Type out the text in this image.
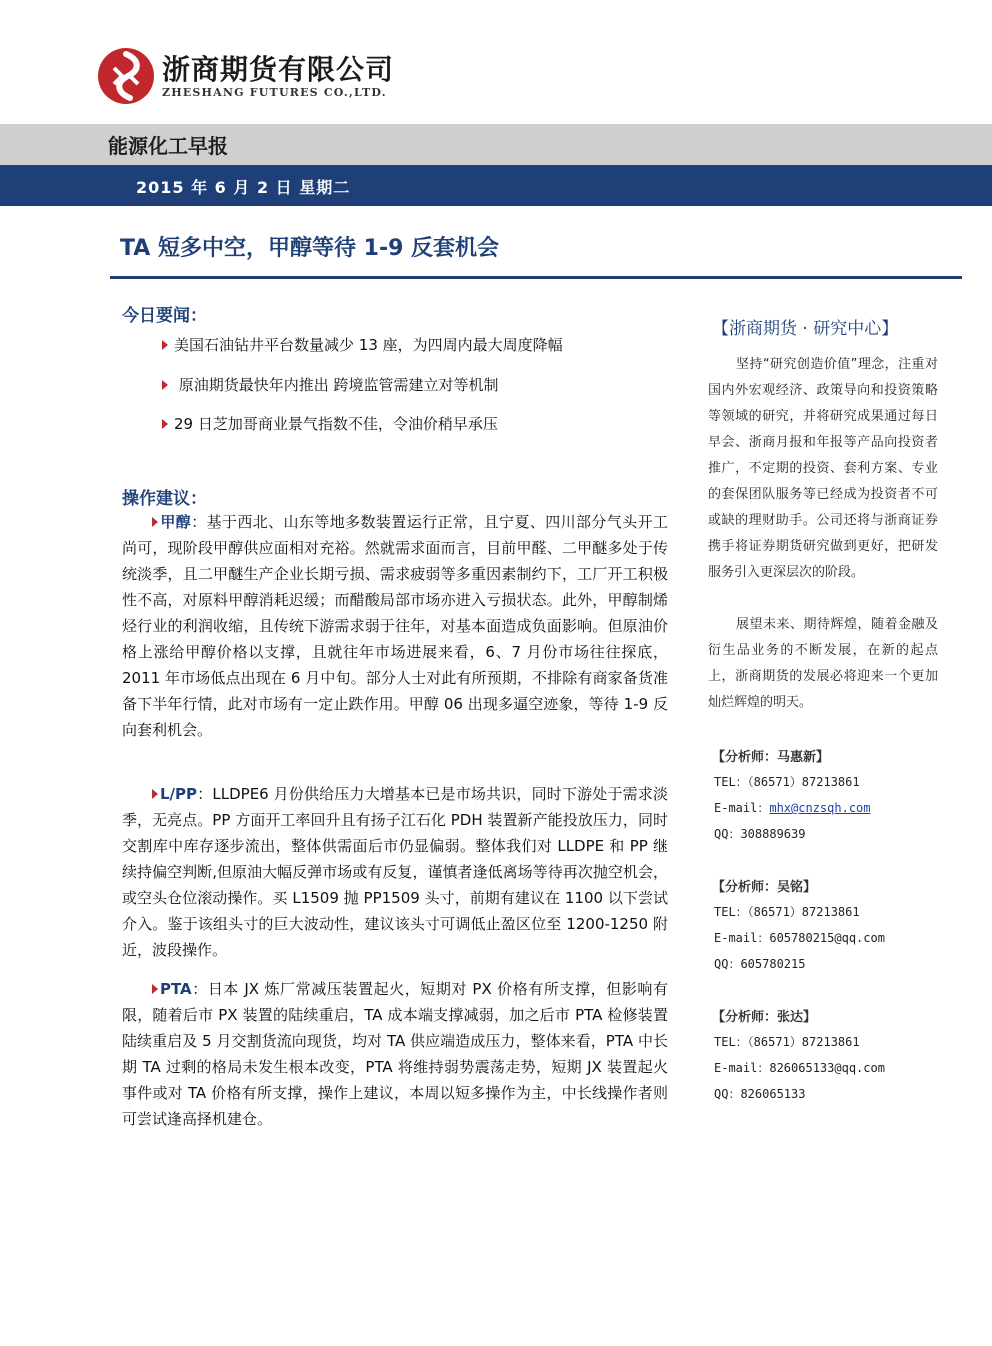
浙商期货有限公司
ZHESHANG FUTURES CO.,LTD.
能源化工早报
2015 年 6 月 2 日 星期二
TA 短多中空，甲醇等待 1-9 反套机会
今日要闻：
美国石油钻井平台数量减少 13 座，为四周内最大周度降幅
原油期货最快年内推出 跨境监管需建立对等机制
29 日芝加哥商业景气指数不佳，令油价稍早承压
操作建议：
甲醇：基于西北、山东等地多数装置运行正常，且宁夏、四川部分气头开工尚可，现阶段甲醇供应面相对充裕。然就需求面而言，目前甲醛、二甲醚多处于传统淡季，且二甲醚生产企业长期亏损、需求疲弱等多重因素制约下，工厂开工积极性不高，对原料甲醇消耗迟缓；而醋酸局部市场亦进入亏损状态。此外，甲醇制烯烃行业的利润收缩，且传统下游需求弱于往年，对基本面造成负面影响。但原油价格上涨给甲醇价格以支撑，且就往年市场进展来看，6、7 月份市场往往探底，2011 年市场低点出现在 6 月中旬。部分人士对此有所预期，不排除有商家备货准备下半年行情，此对市场有一定止跌作用。甲醇 06 出现多逼空迹象，等待 1-9 反向套利机会。
L/PP：LLDPE6 月份供给压力大增基本已是市场共识，同时下游处于需求淡季，无亮点。PP 方面开工率回升且有扬子江石化 PDH 装置新产能投放压力，同时交割库中库存逐步流出，整体供需面后市仍显偏弱。整体我们对 LLDPE 和 PP 继续持偏空判断,但原油大幅反弹市场或有反复，谨慎者逢低离场等待再次抛空机会，或空头仓位滚动操作。买 L1509 抛 PP1509 头寸，前期有建议在 1100 以下尝试介入。鉴于该组头寸的巨大波动性，建议该头寸可调低止盈区位至 1200-1250 附近，波段操作。
PTA：日本 JX 炼厂常减压装置起火，短期对 PX 价格有所支撑，但影响有限，随着后市 PX 装置的陆续重启，TA 成本端支撑减弱，加之后市 PTA 检修装置陆续重启及 5 月交割货流向现货，均对 TA 供应端造成压力，整体来看，PTA 中长期 TA 过剩的格局未发生根本改变，PTA 将维持弱势震荡走势，短期 JX 装置起火事件或对 TA 价格有所支撑，操作上建议，本周以短多操作为主，中长线操作者则可尝试逢高择机建仓。
【浙商期货 · 研究中心】
坚持“研究创造价值”理念，注重对国内外宏观经济、政策导向和投资策略等领域的研究，并将研究成果通过每日早会、浙商月报和年报等产品向投资者推广，不定期的投资、套利方案、专业的套保团队服务等已经成为投资者不可或缺的理财助手。公司还将与浙商证券携手将证券期货研究做到更好，把研发服务引入更深层次的阶段。
展望未来、期待辉煌，随着金融及衍生品业务的不断发展，在新的起点上，浙商期货的发展必将迎来一个更加灿烂辉煌的明天。
【分析师：马惠新】
TEL：（86571）87213861
E-mail：mhx@cnzsqh.com
QQ：308889639
【分析师：吴铭】
TEL：（86571）87213861
E-mail：605780215@qq.com
QQ：605780215
【分析师：张达】
TEL：（86571）87213861
E-mail：826065133@qq.com
QQ：826065133
